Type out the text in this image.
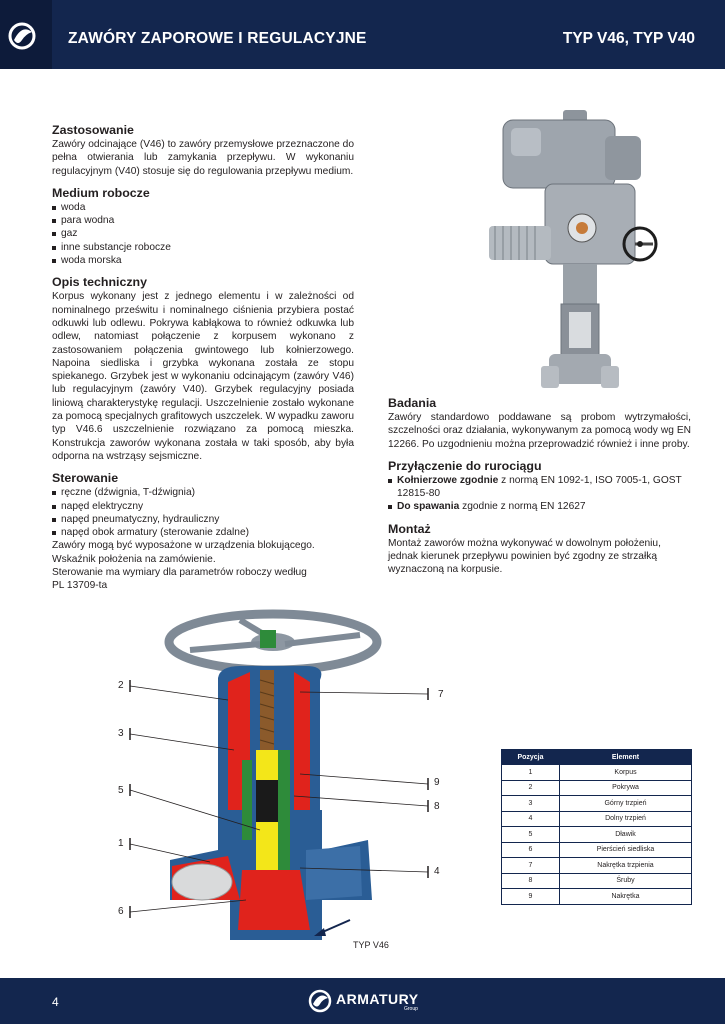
ZAWÓRY ZAPOROWE I REGULACYJNE	TYP V46, TYP V40
Zastosowanie

Zawóry odcinające (V46) to zawóry przemysłowe przeznaczone do pełna otwierania lub zamykania przepływu. W wykonaniu regulacyjnym (V40) stosuje się do regulowania przepływu medium.

Medium robocze
woda
para wodna
gaz
inne substancje robocze
woda morska
Opis techniczny

Korpus wykonany jest z jednego elementu i w zależności od nominalnego prześwitu i nominalnego ciśnienia przybiera postać odkuwki lub odlewu. Pokrywa kabłąkowa to również odkuwka lub odlew, natomiast połączenie z korpusem wykonano z zastosowaniem połączenia gwintowego lub kołnierzowego. Napoina siedliska i grzybka wykonana została ze stopu spiekanego. Grzybek jest w wykonaniu odcinającym (zawóry V46) lub regulacyjnym (zawóry V40). Grzybek regulacyjny posiada liniową charakterystykę regulacji. Uszczelnienie zostało wykonane za pomocą specjalnych grafitowych uszczelek. W wypadku zaworu typ V46.6 uszczelnienie rozwiązano za pomocą mieszka. Konstrukcja zaworów wykonana została w taki sposób, aby była odporna na wstrząsy sejsmiczne.

Sterowanie
ręczne (dźwignia, T-dźwignia)
napęd elektryczny
napęd pneumatyczny, hydrauliczny
napęd obok armatury (sterowanie zdalne)

Zawóry mogą być wyposażone w urządzenia blokującego.

Wskaźnik położenia na zamówienie.

Sterowanie ma wymiary dla parametrów roboczy według

PL 13709-ta

Badania

Zawóry standardowo poddawane są probom wytrzymałości, szczelności oraz działania, wykonywanym za pomocą wody wg EN 12266. Po uzgodnieniu można przeprowadzić również i inne proby.

Przyłączenie do rurociągu
Kołnierzowe zgodnie z normą EN 1092-1, ISO 7005-1, GOST 12815-80
Do spawania zgodnie z normą EN 12627
Montaż

Montaż zaworów można wykonywać w dowolnym położeniu, jednak kierunek przepływu powinien być zgodny ze strzałką wyznaczoną na korpusie.

2
3
5
1
6
7
9
8
4
TYP V46
Pozycja	Element
1	Korpus
2	Pokrywa
3	Górny trzpień
4	Dolny trzpień
5	Dławik
6	Pierścień siedliska
7	Nakrętka trzpienia
8	Śruby
9	Nakrętka
4	ARMATURY
Group
